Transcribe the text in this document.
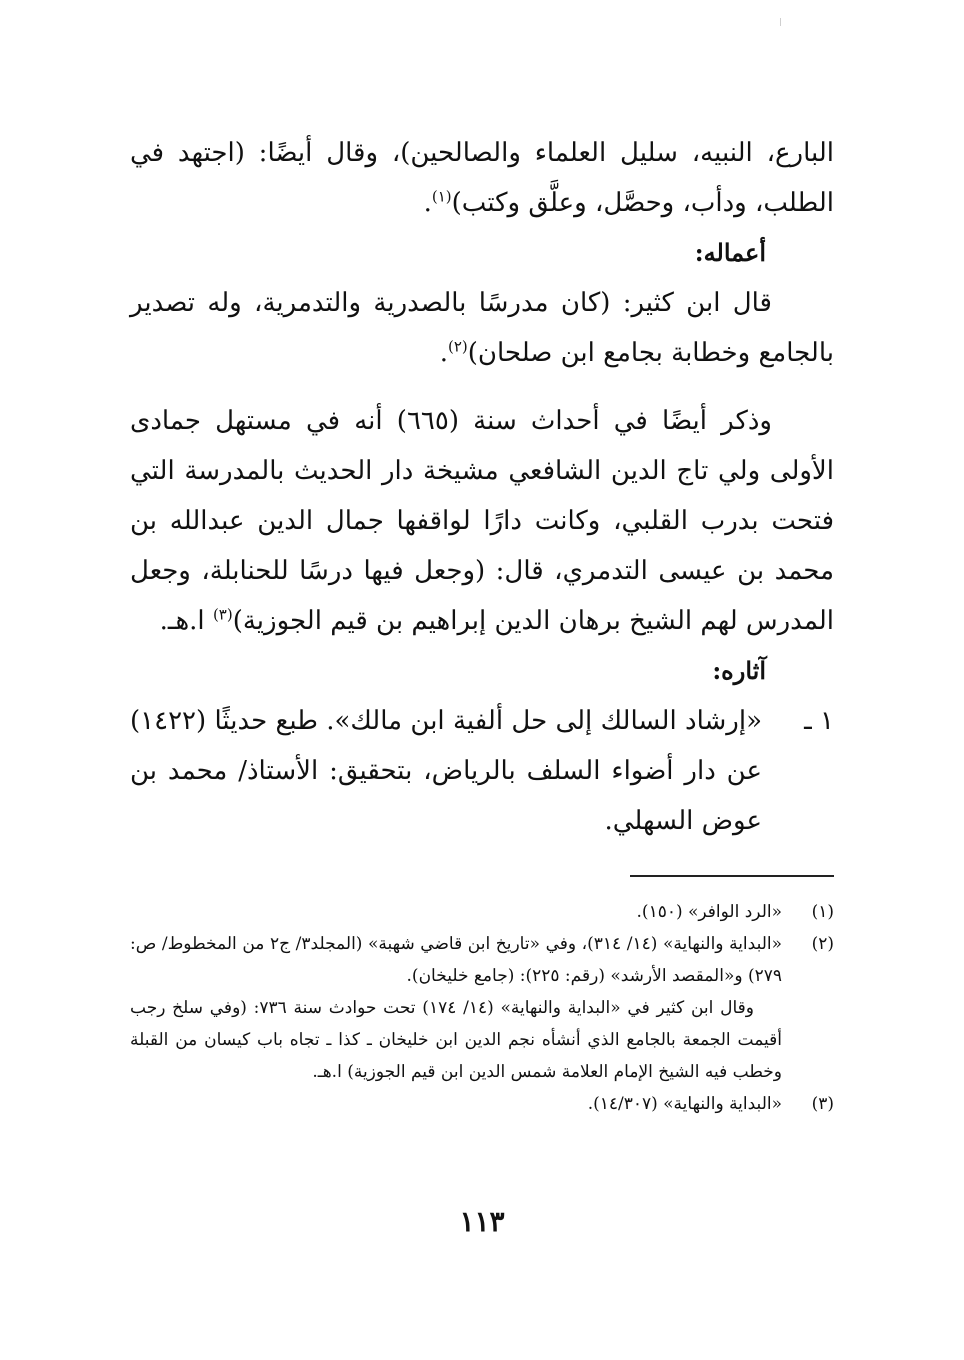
البارع، النبيه، سليل العلماء والصالحين)، وقال أيضًا: (اجتهد في الطلب، ودأب، وحصَّل، وعلَّق وكتب)$^{(١)}$.

أعماله:

قال ابن كثير: (كان مدرسًا بالصدرية والتدمرية، وله تصدير بالجامع وخطابة بجامع ابن صلحان)$^{(٢)}$.

وذكر أيضًا في أحداث سنة (٦٦٥) أنه في مستهل جمادى الأولى ولي تاج الدين الشافعي مشيخة دار الحديث بالمدرسة التي فتحت بدرب القلبي، وكانت دارًا لواقفها جمال الدين عبدالله بن محمد بن عيسى التدمري، قال: (وجعل فيها درسًا للحنابلة، وجعل المدرس لهم الشيخ برهان الدين إبراهيم بن قيم الجوزية)$^{(٣)}$ ا.هـ.

آثاره:

١ ـ«إرشاد السالك إلى حل ألفية ابن مالك». طبع حديثًا (١٤٢٢) عن دار أضواء السلف بالرياض، بتحقيق: الأستاذ/ محمد بن عوض السهلي.

(١)

«الرد الوافر» (١٥٠).

(٢)

«البداية والنهاية» (١٤/ ٣١٤)، وفي «تاريخ ابن قاضي شهبة» (المجلد٣/ ج٢ من المخطوط/ ص: ٢٧٩) و«المقصد الأرشد» (رقم: ٢٢٥): (جامع خليخان).

وقال ابن كثير في «البداية والنهاية» (١٤/ ١٧٤) تحت حوادث سنة ٧٣٦: (وفي سلخ رجب أقيمت الجمعة بالجامع الذي أنشأه نجم الدين ابن خليخان ـ كذا ـ تجاه باب كيسان من القبلة وخطب فيه الشيخ الإمام العلامة شمس الدين ابن قيم الجوزية) ا.هـ.

(٣)

«البداية والنهاية» (١٤/٣٠٧).

١١٣
